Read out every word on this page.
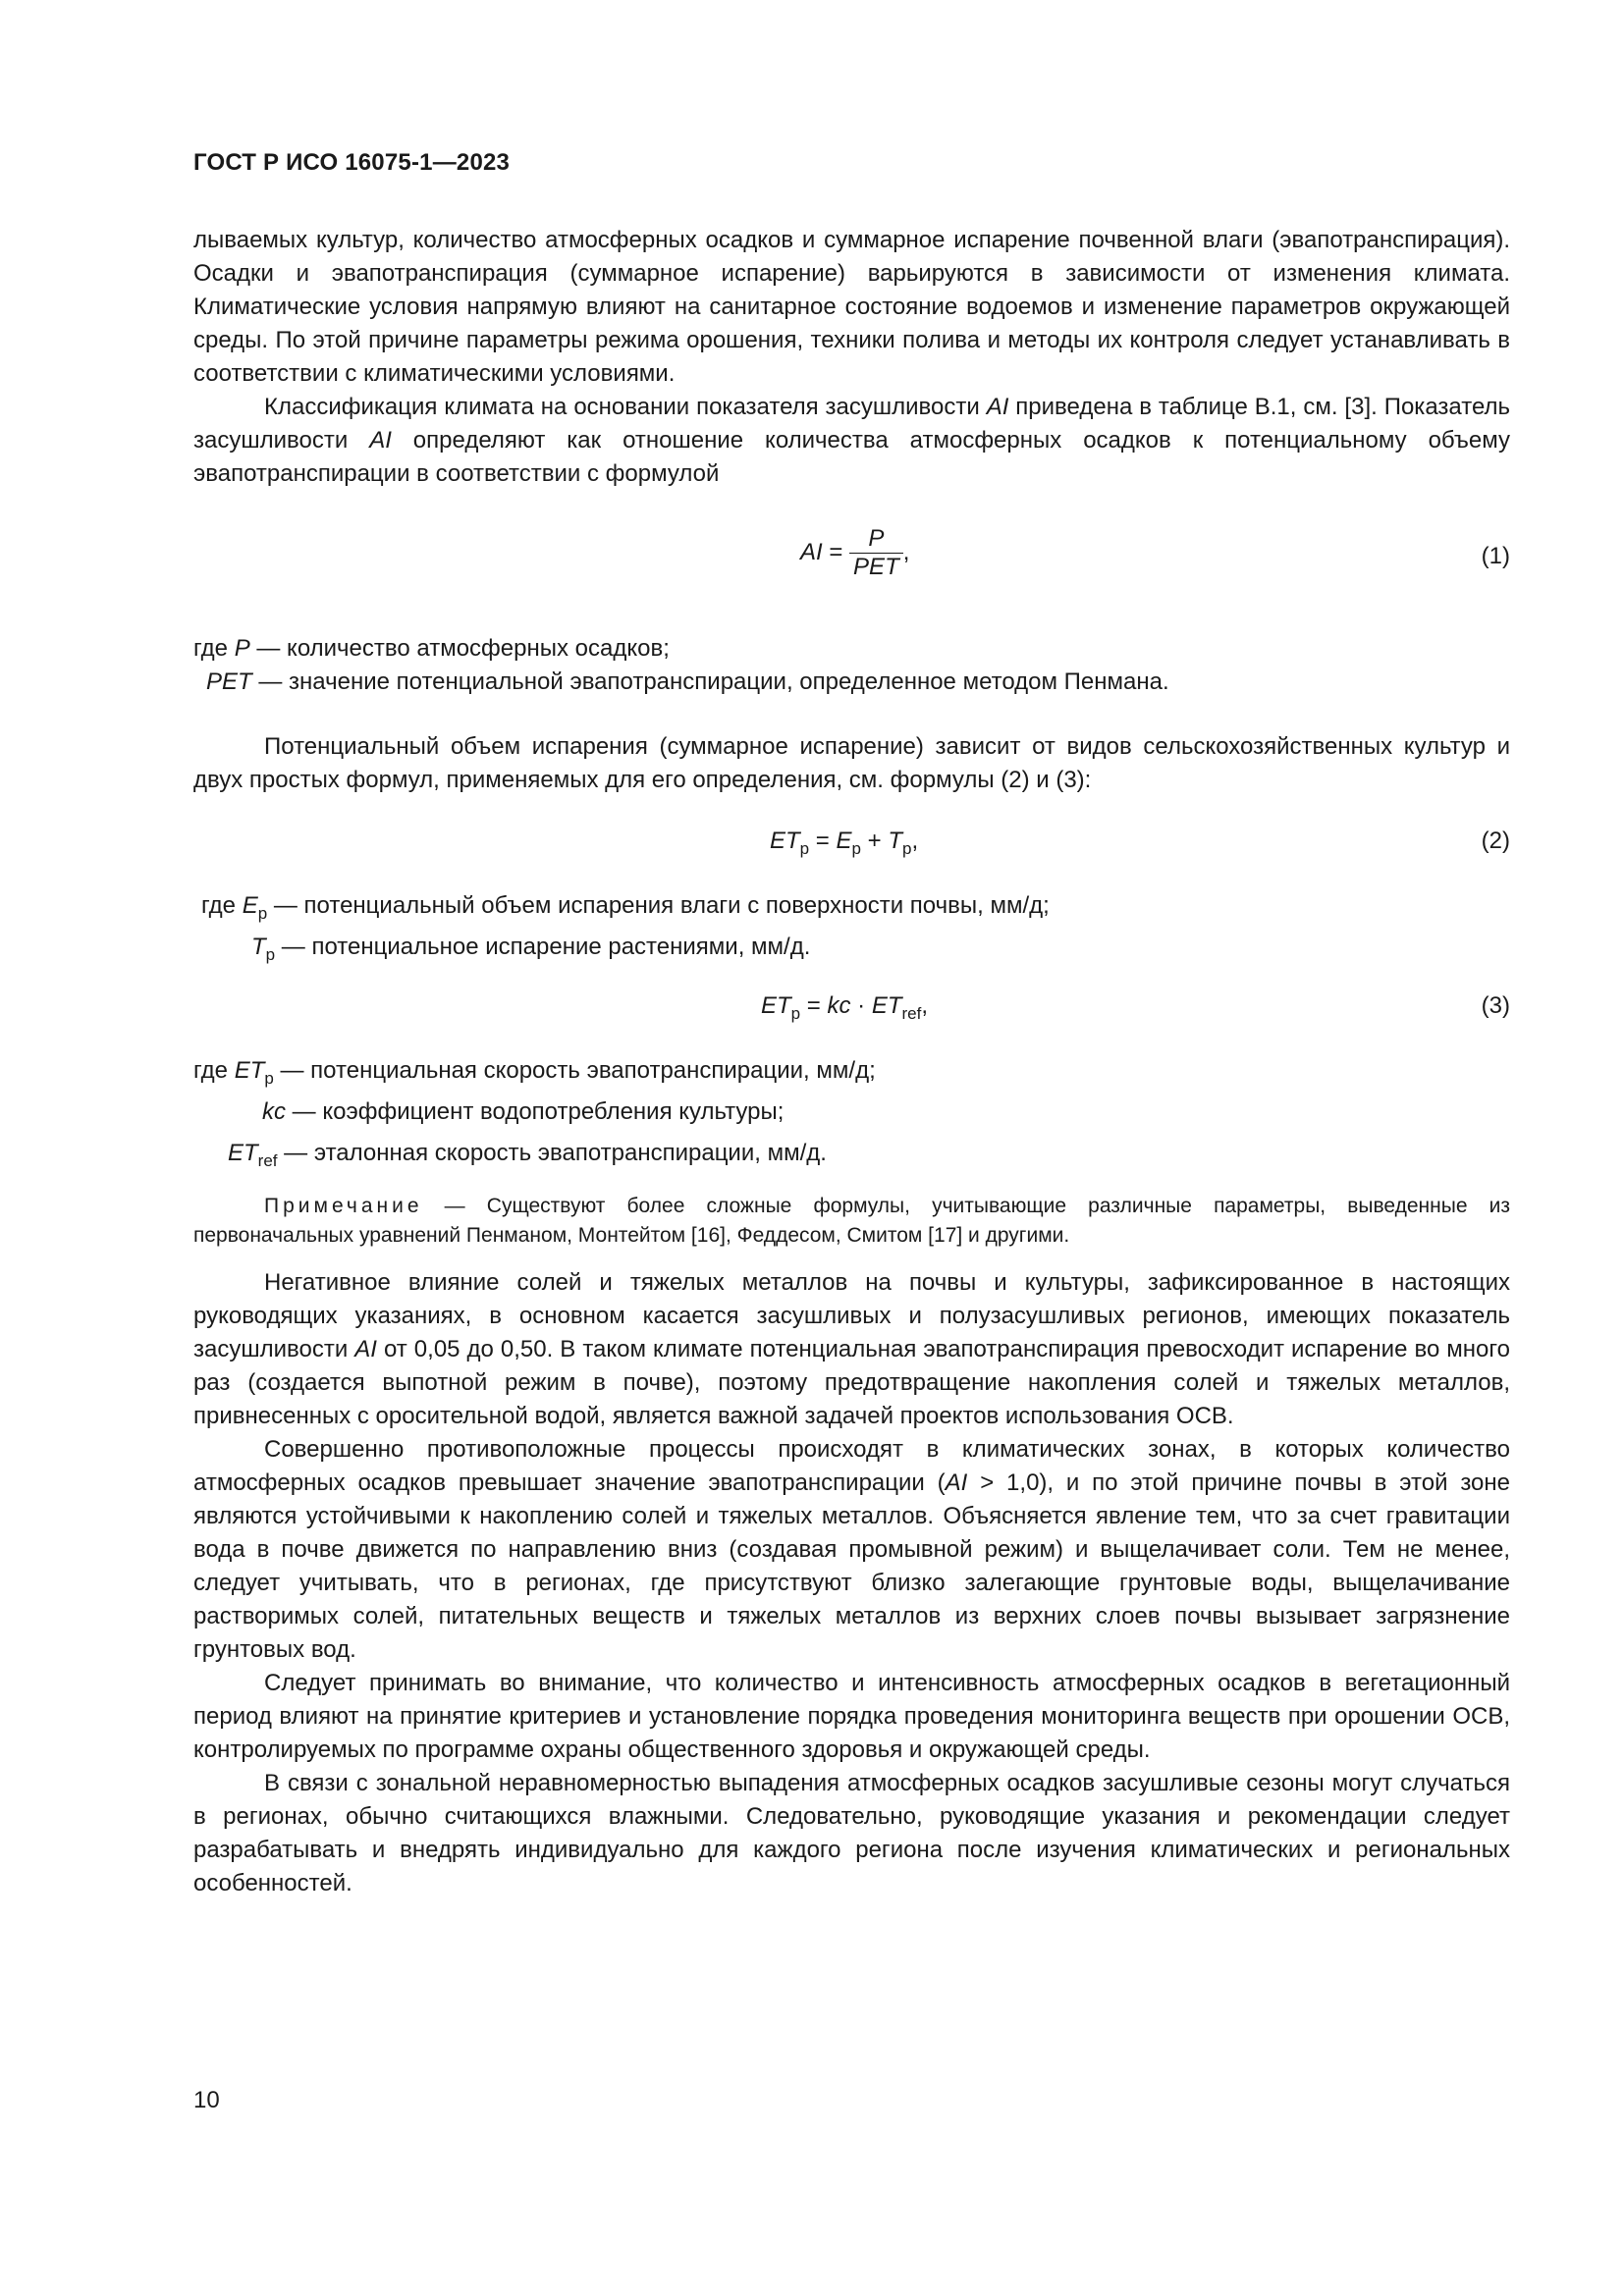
ГОСТ Р ИСО 16075-1—2023

лываемых культур, количество атмосферных осадков и суммарное испарение почвенной влаги (эвапотранспирация). Осадки и эвапотранспирация (суммарное испарение) варьируются в зависимости от изменения климата. Климатические условия напрямую влияют на санитарное состояние водоемов и изменение параметров окружающей среды. По этой причине параметры режима орошения, техники полива и методы их контроля следует устанавливать в соответствии с климатическими условиями.

Классификация климата на основании показателя засушливости AI приведена в таблице В.1, см. [3]. Показатель засушливости AI определяют как отношение количества атмосферных осадков к потенциальному объему эвапотранспирации в соответствии с формулой

AI = $\frac{P}{\text{PET}}$ ,	(1)
где P — количество атмосферных осадков;
PET — значение потенциальной эвапотранспирации, определенное методом Пенмана.

Потенциальный объем испарения (суммарное испарение) зависит от видов сельскохозяйственных культур и двух простых формул, применяемых для его определения, см. формулы (2) и (3):

$ET_p = E_p + T_p$,	(2)
где $E_p$ — потенциальный объем испарения влаги с поверхности почвы, мм/д;
$T_p$ — потенциальное испарение растениями, мм/д.
$ET_p$ = kc · $ET_{ref}$,	(3)
где $ET_p$ — потенциальная скорость эвапотранспирации, мм/д;
kc — коэффициент водопотребления культуры;
$ET_{ref}$ — эталонная скорость эвапотранспирации, мм/д.
Примечание — Существуют более сложные формулы, учитывающие различные параметры, выведенные из первоначальных уравнений Пенманом, Монтейтом [16], Феддесом, Смитом [17] и другими.

Негативное влияние солей и тяжелых металлов на почвы и культуры, зафиксированное в настоящих руководящих указаниях, в основном касается засушливых и полузасушливых регионов, имеющих показатель засушливости AI от 0,05 до 0,50. В таком климате потенциальная эвапотранспирация превосходит испарение во много раз (создается выпотной режим в почве), поэтому предотвращение накопления солей и тяжелых металлов, привнесенных с оросительной водой, является важной задачей проектов использования ОСВ.

Совершенно противоположные процессы происходят в климатических зонах, в которых количество атмосферных осадков превышает значение эвапотранспирации (AI > 1,0), и по этой причине почвы в этой зоне являются устойчивыми к накоплению солей и тяжелых металлов. Объясняется явление тем, что за счет гравитации вода в почве движется по направлению вниз (создавая промывной режим) и выщелачивает соли. Тем не менее, следует учитывать, что в регионах, где присутствуют близко залегающие грунтовые воды, выщелачивание растворимых солей, питательных веществ и тяжелых металлов из верхних слоев почвы вызывает загрязнение грунтовых вод.

Следует принимать во внимание, что количество и интенсивность атмосферных осадков в вегетационный период влияют на принятие критериев и установление порядка проведения мониторинга веществ при орошении ОСВ, контролируемых по программе охраны общественного здоровья и окружающей среды.

В связи с зональной неравномерностью выпадения атмосферных осадков засушливые сезоны могут случаться в регионах, обычно считающихся влажными. Следовательно, руководящие указания и рекомендации следует разрабатывать и внедрять индивидуально для каждого региона после изучения климатических и региональных особенностей.

10
